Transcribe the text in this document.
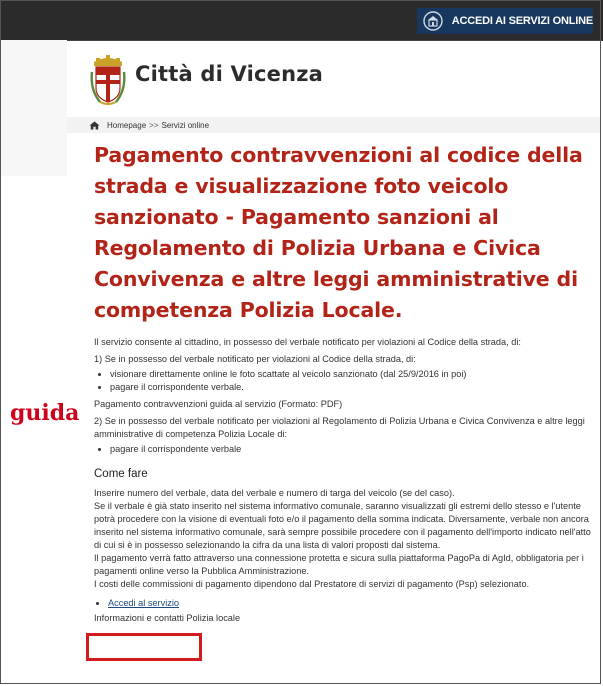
ACCEDI AI SERVIZI ONLINE
Città di Vicenza
Homepage >> Servizi online
Pagamento contravvenzioni al codice della strada e visualizzazione foto veicolo sanzionato - Pagamento sanzioni al Regolamento di Polizia Urbana e Civica Convivenza e altre leggi amministrative di competenza Polizia Locale.
guida

Il servizio consente al cittadino, in possesso del verbale notificato per violazioni al Codice della strada, di:

1) Se in possesso del verbale notificato per violazioni al Codice della strada, di:

• visionare direttamente online le foto scattate al veicolo sanzionato (dal 25/9/2016 in poi)
• pagare il corrispondente verbale.

Pagamento contravvenzioni guida al servizio (Formato: PDF)

2) Se in possesso del verbale notificato per violazioni al Regolamento di Polizia Urbana e Civica Convivenza e altre leggi amministrative di competenza Polizia Locale di:

• pagare il corrispondente verbale

Come fare

Inserire numero del verbale, data del verbale e numero di targa del veicolo (se del caso).

Se il verbale è già stato inserito nel sistema informativo comunale, saranno visualizzati gli estremi dello stesso e l'utente potrà procedere con la visione di eventuali foto e/o il pagamento della somma indicata. Diversamente, verbale non ancora inserito nel sistema informativo comunale, sarà sempre possibile procedere con il pagamento dell'importo indicato nell'atto di cui si è in possesso selezionando la cifra da una lista di valori proposti dal sistema.

Il pagamento verrà fatto attraverso una connessione protetta e sicura sulla piattaforma PagoPa di AgId, obbligatoria per i pagamenti online verso la Pubblica Amministrazione.

I costi delle commissioni di pagamento dipendono dal Prestatore di servizi di pagamento (Psp) selezionato.

• Accedi al servizio

Informazioni e contatti Polizia locale
